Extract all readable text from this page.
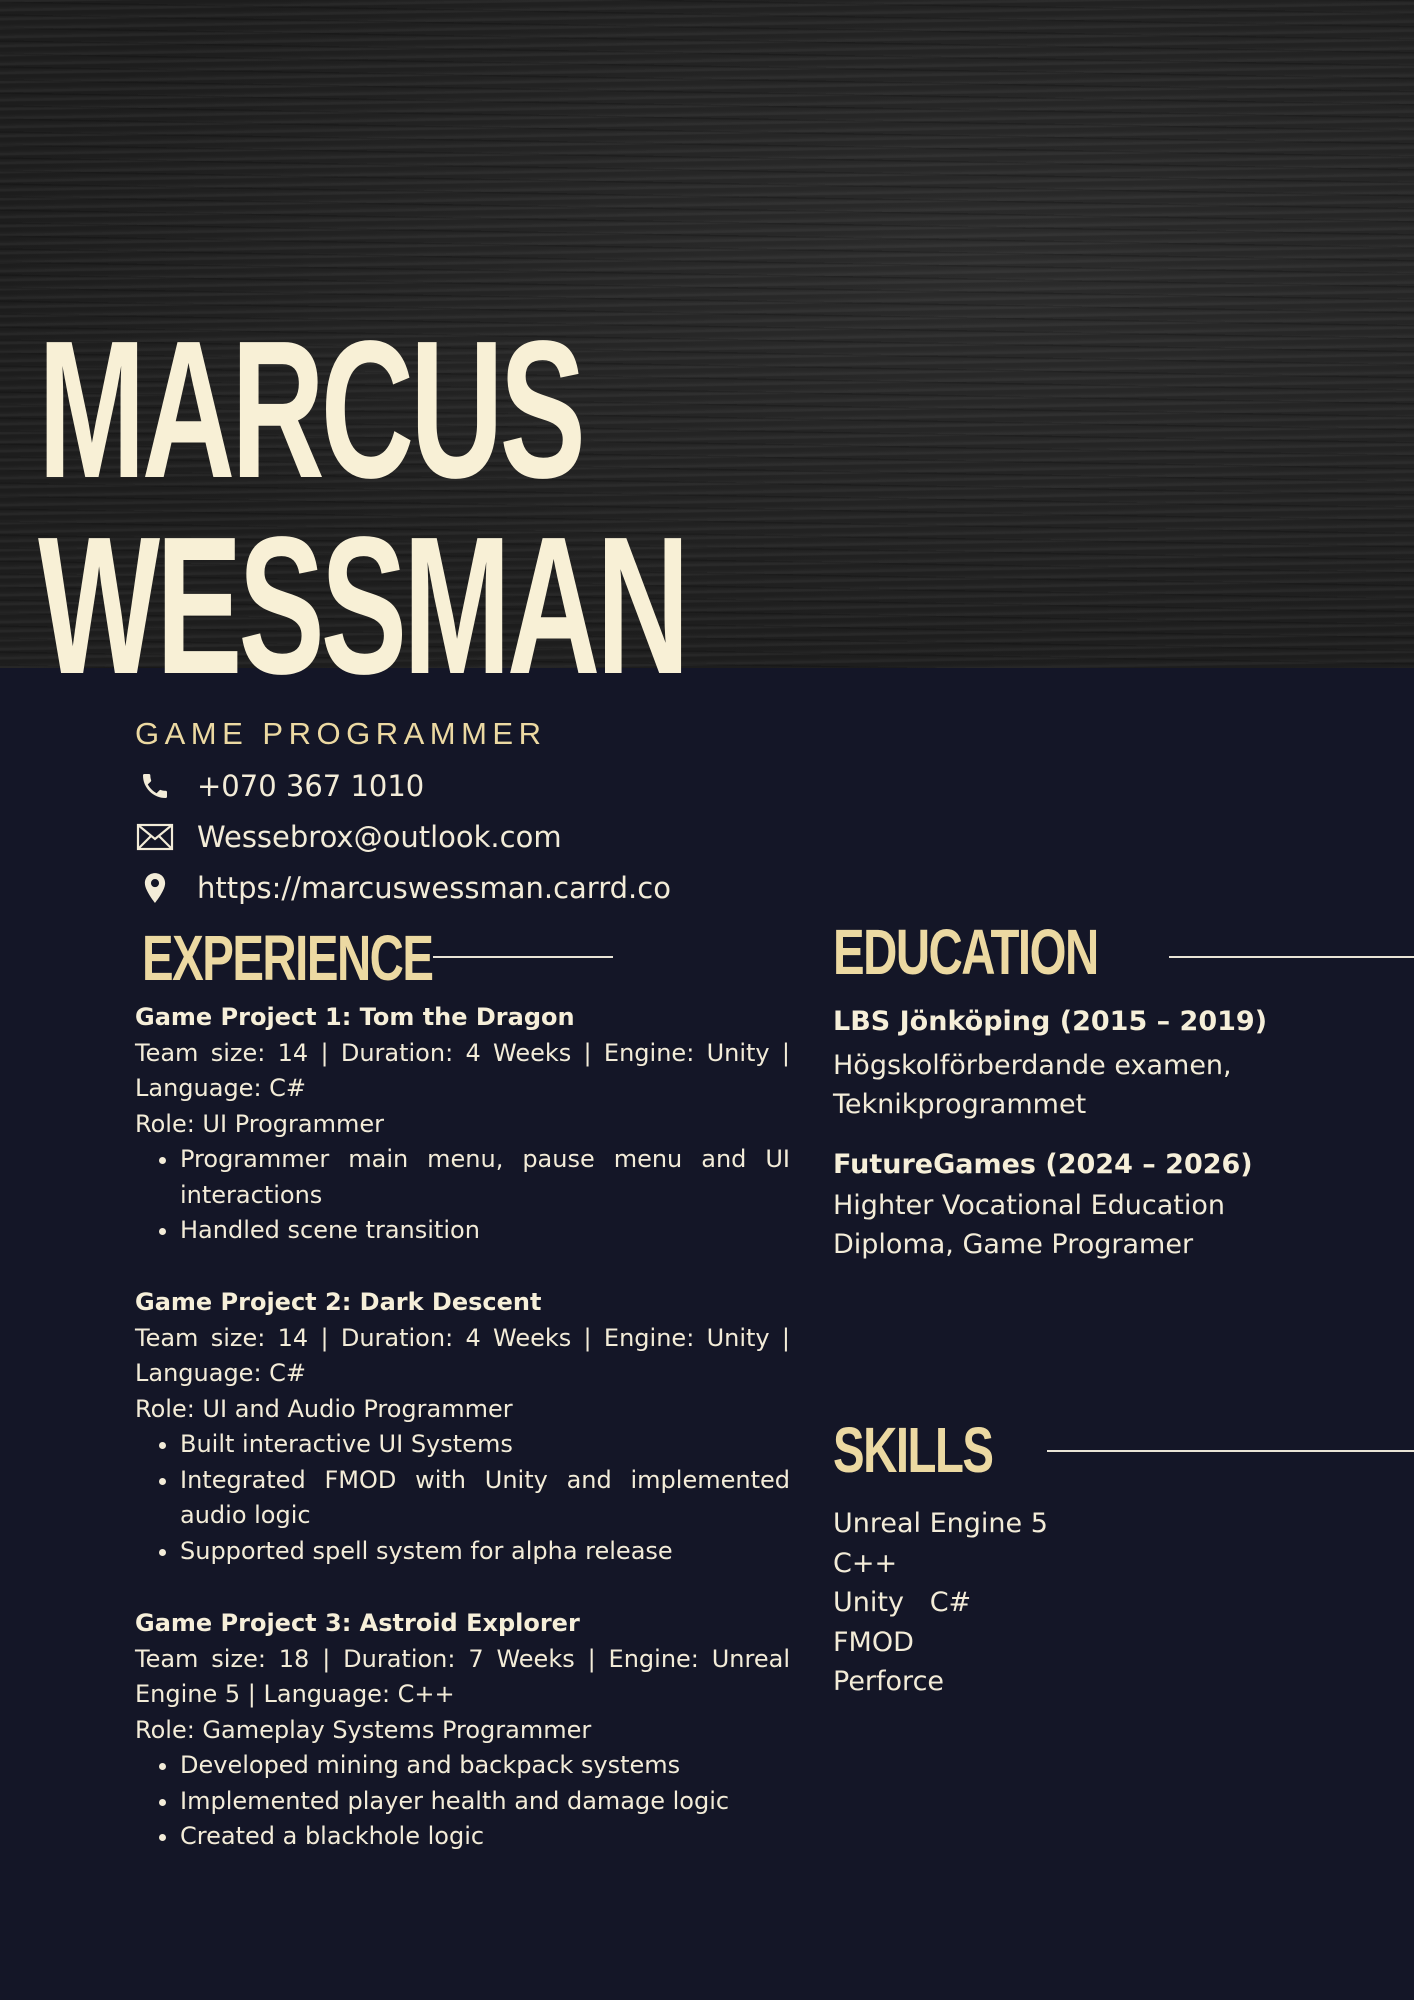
MARCUS
WESSMAN
GAME PROGRAMMER
+070 367 1010
Wessebrox@outlook.com
https://marcuswessman.carrd.co
EXPERIENCE
Game Project 1: Tom the Dragon
Team size: 14 | Duration: 4 Weeks | Engine: Unity | Language: C#
Role: UI Programmer
• Programmer main menu, pause menu and UI interactions
• Handled scene transition
Game Project 2: Dark Descent
Team size: 14 | Duration: 4 Weeks | Engine: Unity | Language: C#
Role: UI and Audio Programmer
• Built interactive UI Systems
• Integrated FMOD with Unity and implemented audio logic
• Supported spell system for alpha release
Game Project 3: Astroid Explorer
Team size: 18 | Duration: 7 Weeks | Engine: Unreal Engine 5 | Language: C++
Role: Gameplay Systems Programmer
• Developed mining and backpack systems
• Implemented player health and damage logic
• Created a blackhole logic
EDUCATION
LBS Jönköping (2015 – 2019)
Högskolförberdande examen,
Teknikprogrammet
FutureGames (2024 – 2026)
Highter Vocational Education
Diploma, Game Programer
SKILLS
Unreal Engine 5
C++
Unity   C#
FMOD
Perforce
